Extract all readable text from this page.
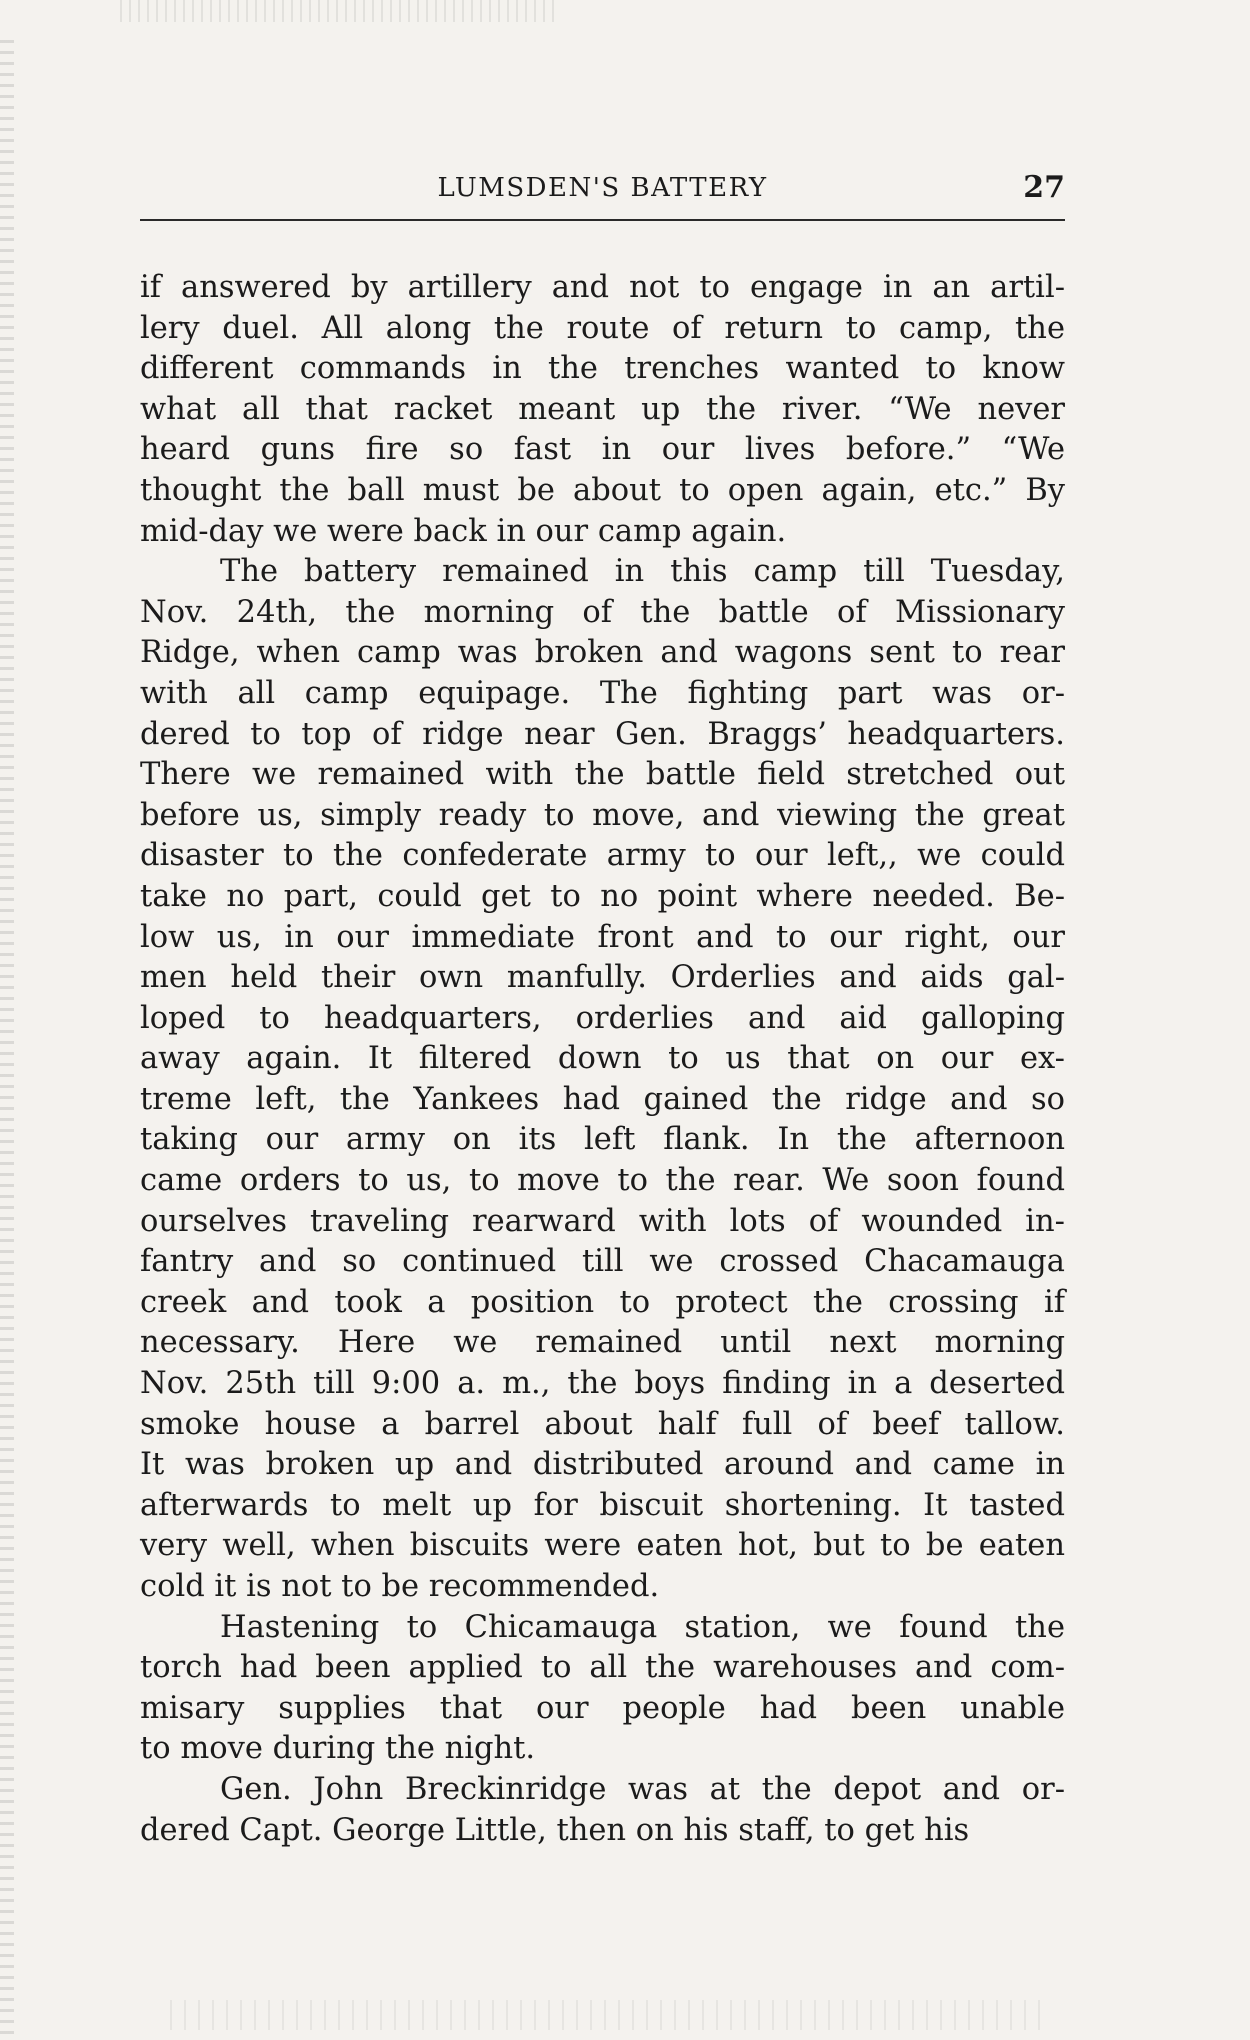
LUMSDEN'S BATTERY	27
if answered by artillery and not to engage in an artil-
lery duel. All along the route of return to camp, the
different commands in the trenches wanted to know
what all that racket meant up the river. “We never
heard guns fire so fast in our lives before.” “We
thought the ball must be about to open again, etc.” By
mid-day we were back in our camp again.
The battery remained in this camp till Tuesday,
Nov. 24th, the morning of the battle of Missionary
Ridge, when camp was broken and wagons sent to rear
with all camp equipage. The fighting part was or-
dered to top of ridge near Gen. Braggs’ headquarters.
There we remained with the battle field stretched out
before us, simply ready to move, and viewing the great
disaster to the confederate army to our left,, we could
take no part, could get to no point where needed. Be-
low us, in our immediate front and to our right, our
men held their own manfully. Orderlies and aids gal-
loped to headquarters, orderlies and aid galloping
away again. It filtered down to us that on our ex-
treme left, the Yankees had gained the ridge and so
taking our army on its left flank. In the afternoon
came orders to us, to move to the rear. We soon found
ourselves traveling rearward with lots of wounded in-
fantry and so continued till we crossed Chacamauga
creek and took a position to protect the crossing if
necessary. Here we remained until next morning
Nov. 25th till 9:00 a. m., the boys finding in a deserted
smoke house a barrel about half full of beef tallow.
It was broken up and distributed around and came in
afterwards to melt up for biscuit shortening. It tasted
very well, when biscuits were eaten hot, but to be eaten
cold it is not to be recommended.
Hastening to Chicamauga station, we found the
torch had been applied to all the warehouses and com-
misary supplies that our people had been unable
to move during the night.
Gen. John Breckinridge was at the depot and or-
dered Capt. George Little, then on his staff, to get his
